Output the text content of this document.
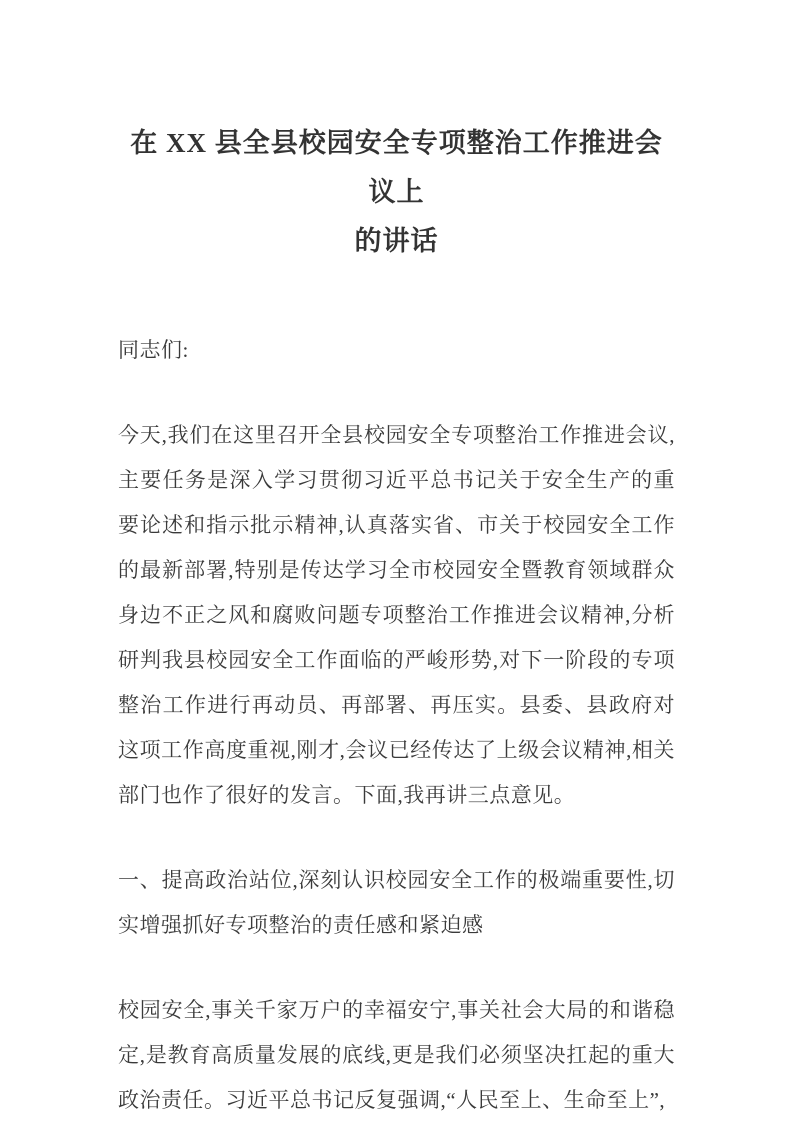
在 XX 县全县校园安全专项整治工作推进会议上
的讲话

同志们:

今天,我们在这里召开全县校园安全专项整治工作推进会议,主要任务是深入学习贯彻习近平总书记关于安全生产的重要论述和指示批示精神,认真落实省、市关于校园安全工作的最新部署,特别是传达学习全市校园安全暨教育领域群众身边不正之风和腐败问题专项整治工作推进会议精神,分析研判我县校园安全工作面临的严峻形势,对下一阶段的专项整治工作进行再动员、再部署、再压实。县委、县政府对这项工作高度重视,刚才,会议已经传达了上级会议精神,相关部门也作了很好的发言。下面,我再讲三点意见。

一、提高政治站位,深刻认识校园安全工作的极端重要性,切实增强抓好专项整治的责任感和紧迫感

校园安全,事关千家万户的幸福安宁,事关社会大局的和谐稳定,是教育高质量发展的底线,更是我们必须坚决扛起的重大政治责任。习近平总书记反复强调,“人民至上、生命至上”,
